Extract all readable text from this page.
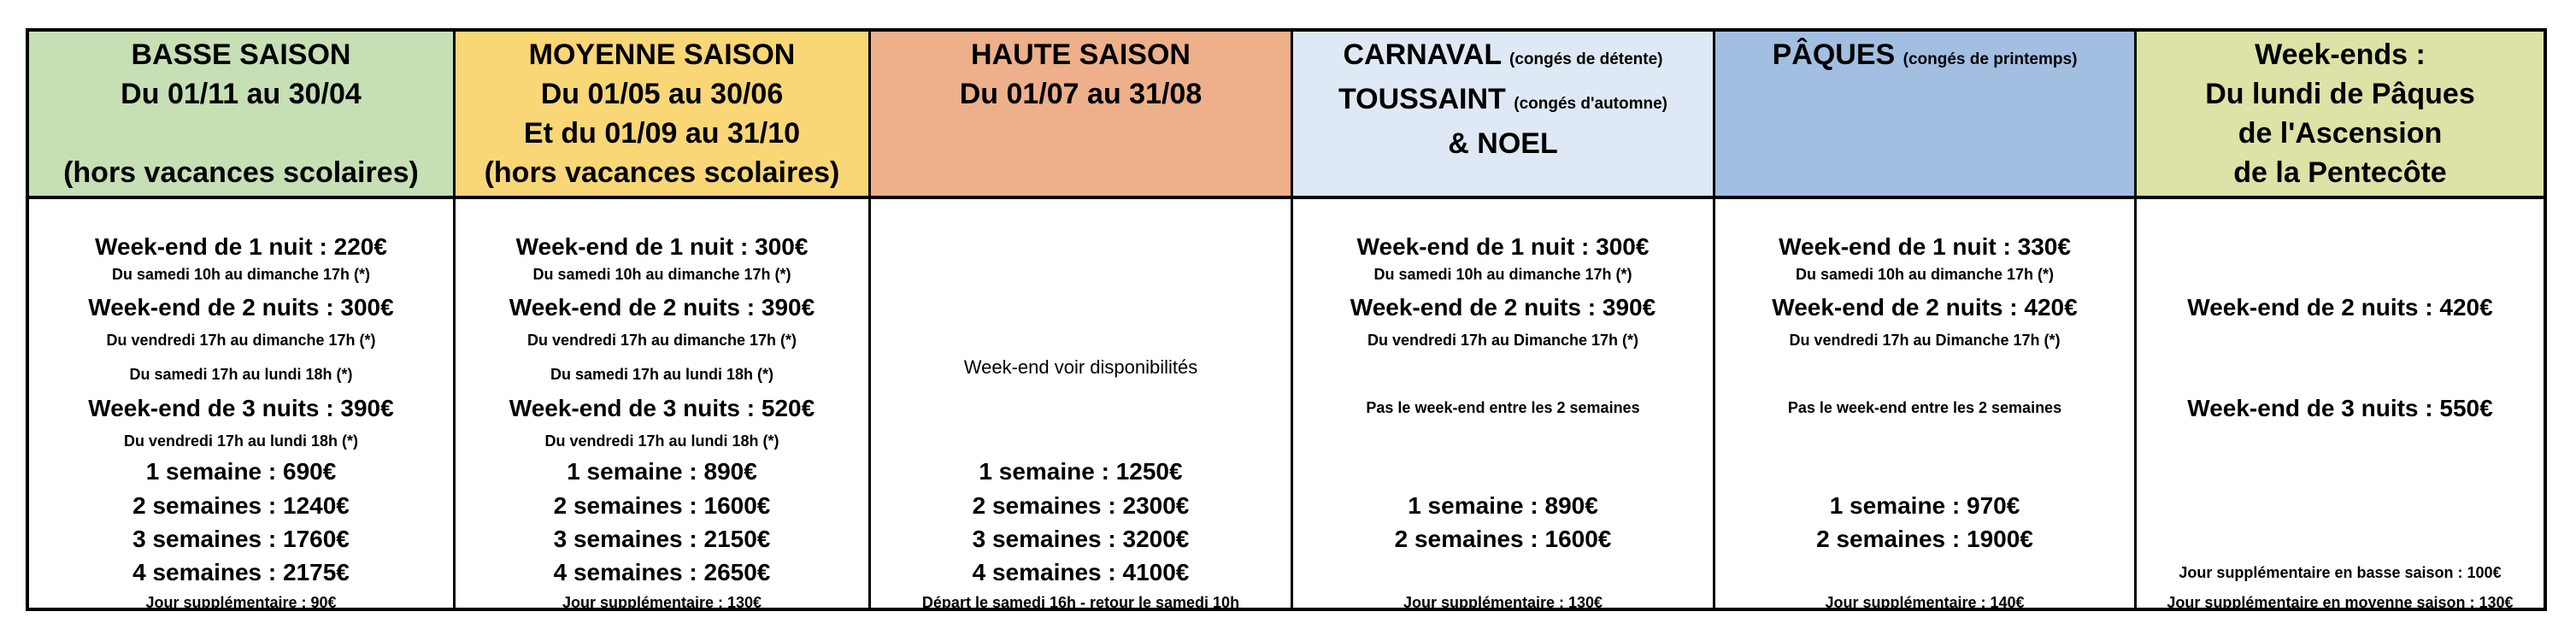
BASSE SAISON
Du 01/11 au 30/04

(hors vacances scolaires)
Week-end de 1 nuit : 220€
Du samedi 10h au dimanche 17h (*)
Week-end de 2 nuits : 300€
Du vendredi 17h au dimanche 17h (*)
Du samedi 17h au lundi 18h (*)
Week-end de 3 nuits : 390€
Du vendredi 17h au lundi 18h (*)
1 semaine : 690€
2 semaines : 1240€
3 semaines : 1760€
4 semaines : 2175€
Jour supplémentaire : 90€
MOYENNE SAISON
Du 01/05 au 30/06
Et du 01/09 au 31/10
(hors vacances scolaires)
Week-end de 1 nuit : 300€
Du samedi 10h au dimanche 17h (*)
Week-end de 2 nuits : 390€
Du vendredi 17h au dimanche 17h (*)
Du samedi 17h au lundi 18h (*)
Week-end de 3 nuits : 520€
Du vendredi 17h au lundi 18h (*)
1 semaine : 890€
2 semaines : 1600€
3 semaines : 2150€
4 semaines : 2650€
Jour supplémentaire : 130€
HAUTE SAISON
Du 01/07 au 31/08
Week-end voir disponibilités
1 semaine : 1250€
2 semaines : 2300€
3 semaines : 3200€
4 semaines : 4100€
Départ le samedi 16h - retour le samedi 10h
CARNAVAL (congés de détente)
TOUSSAINT (congés d'automne)
& NOEL
Week-end de 1 nuit : 300€
Du samedi 10h au dimanche 17h (*)
Week-end de 2 nuits : 390€
Du vendredi 17h au Dimanche 17h (*)
Pas le week-end entre les 2 semaines
1 semaine : 890€
2 semaines : 1600€
Jour supplémentaire : 130€
PÂQUES (congés de printemps)
Week-end de 1 nuit : 330€
Du samedi 10h au dimanche 17h (*)
Week-end de 2 nuits : 420€
Du vendredi 17h au Dimanche 17h (*)
Pas le week-end entre les 2 semaines
1 semaine : 970€
2 semaines : 1900€
Jour supplémentaire : 140€
Week-ends :
Du lundi de Pâques
de l'Ascension
de la Pentecôte
Week-end de 2 nuits : 420€
Week-end de 3 nuits : 550€
Jour supplémentaire en basse saison : 100€
Jour supplémentaire en moyenne saison : 130€
